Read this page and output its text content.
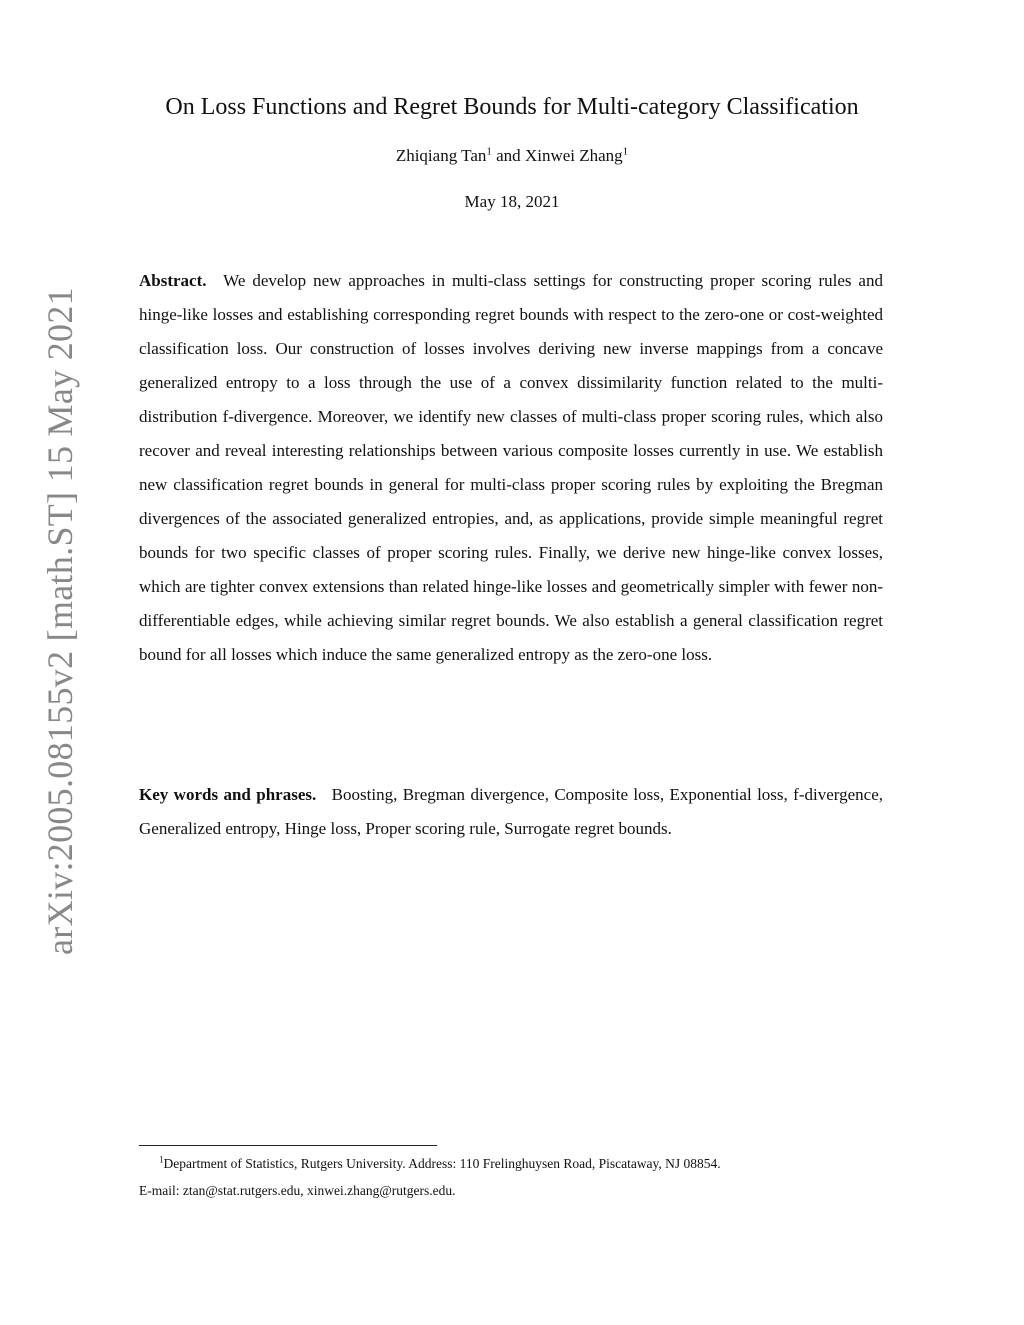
arXiv:2005.08155v2 [math.ST] 15 May 2021
On Loss Functions and Regret Bounds for Multi-category Classification
Zhiqiang Tan$^1$ and Xinwei Zhang$^1$
May 18, 2021
Abstract. We develop new approaches in multi-class settings for constructing proper scoring rules and hinge-like losses and establishing corresponding regret bounds with respect to the zero-one or cost-weighted classification loss. Our construction of losses involves deriving new inverse mappings from a concave generalized entropy to a loss through the use of a convex dissimilarity function related to the multi-distribution f-divergence. Moreover, we identify new classes of multi-class proper scoring rules, which also recover and reveal interesting relationships between various composite losses currently in use. We establish new classification regret bounds in general for multi-class proper scoring rules by exploiting the Bregman divergences of the associated generalized entropies, and, as applications, provide simple meaningful regret bounds for two specific classes of proper scoring rules. Finally, we derive new hinge-like convex losses, which are tighter convex extensions than related hinge-like losses and geometrically simpler with fewer non-differentiable edges, while achieving similar regret bounds. We also establish a general classification regret bound for all losses which induce the same generalized entropy as the zero-one loss.
Key words and phrases. Boosting, Bregman divergence, Composite loss, Exponential loss, f-divergence, Generalized entropy, Hinge loss, Proper scoring rule, Surrogate regret bounds.
$^1$Department of Statistics, Rutgers University. Address: 110 Frelinghuysen Road, Piscataway, NJ 08854.
E-mail: ztan@stat.rutgers.edu, xinwei.zhang@rutgers.edu.
